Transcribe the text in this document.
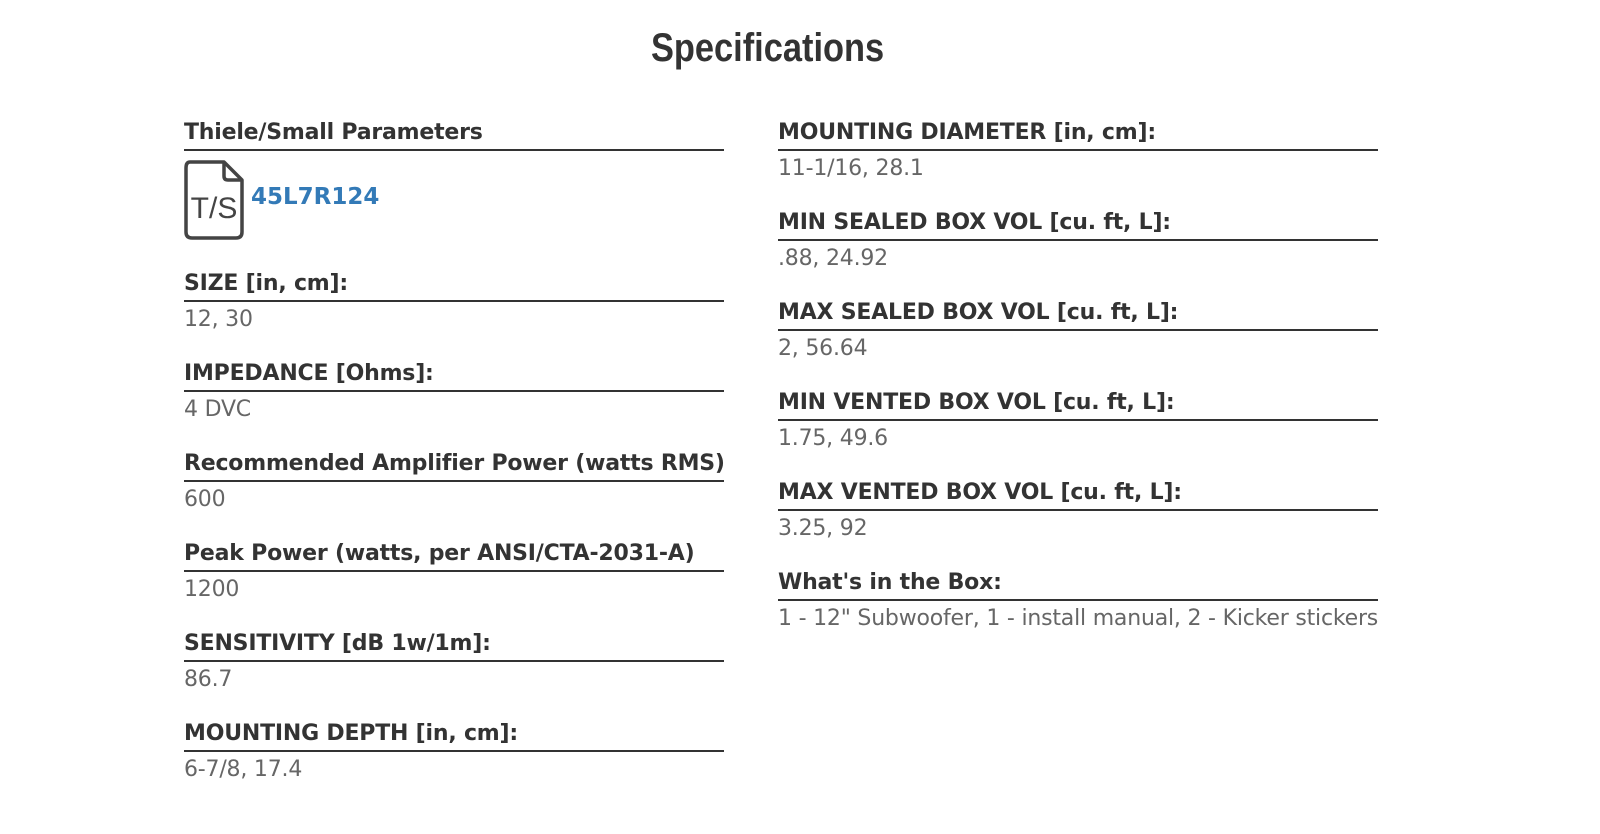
Specifications
Thiele/Small Parameters
T/S 45L7R124
SIZE [in, cm]:
12, 30
IMPEDANCE [Ohms]:
4 DVC
Recommended Amplifier Power (watts RMS)
600
Peak Power (watts, per ANSI/CTA-2031-A)
1200
SENSITIVITY [dB 1w/1m]:
86.7
MOUNTING DEPTH [in, cm]:
6-7/8, 17.4
MOUNTING DIAMETER [in, cm]:
11-1/16, 28.1
MIN SEALED BOX VOL [cu. ft, L]:
.88, 24.92
MAX SEALED BOX VOL [cu. ft, L]:
2, 56.64
MIN VENTED BOX VOL [cu. ft, L]:
1.75, 49.6
MAX VENTED BOX VOL [cu. ft, L]:
3.25, 92
What's in the Box:
1 - 12" Subwoofer, 1 - install manual, 2 - Kicker stickers
